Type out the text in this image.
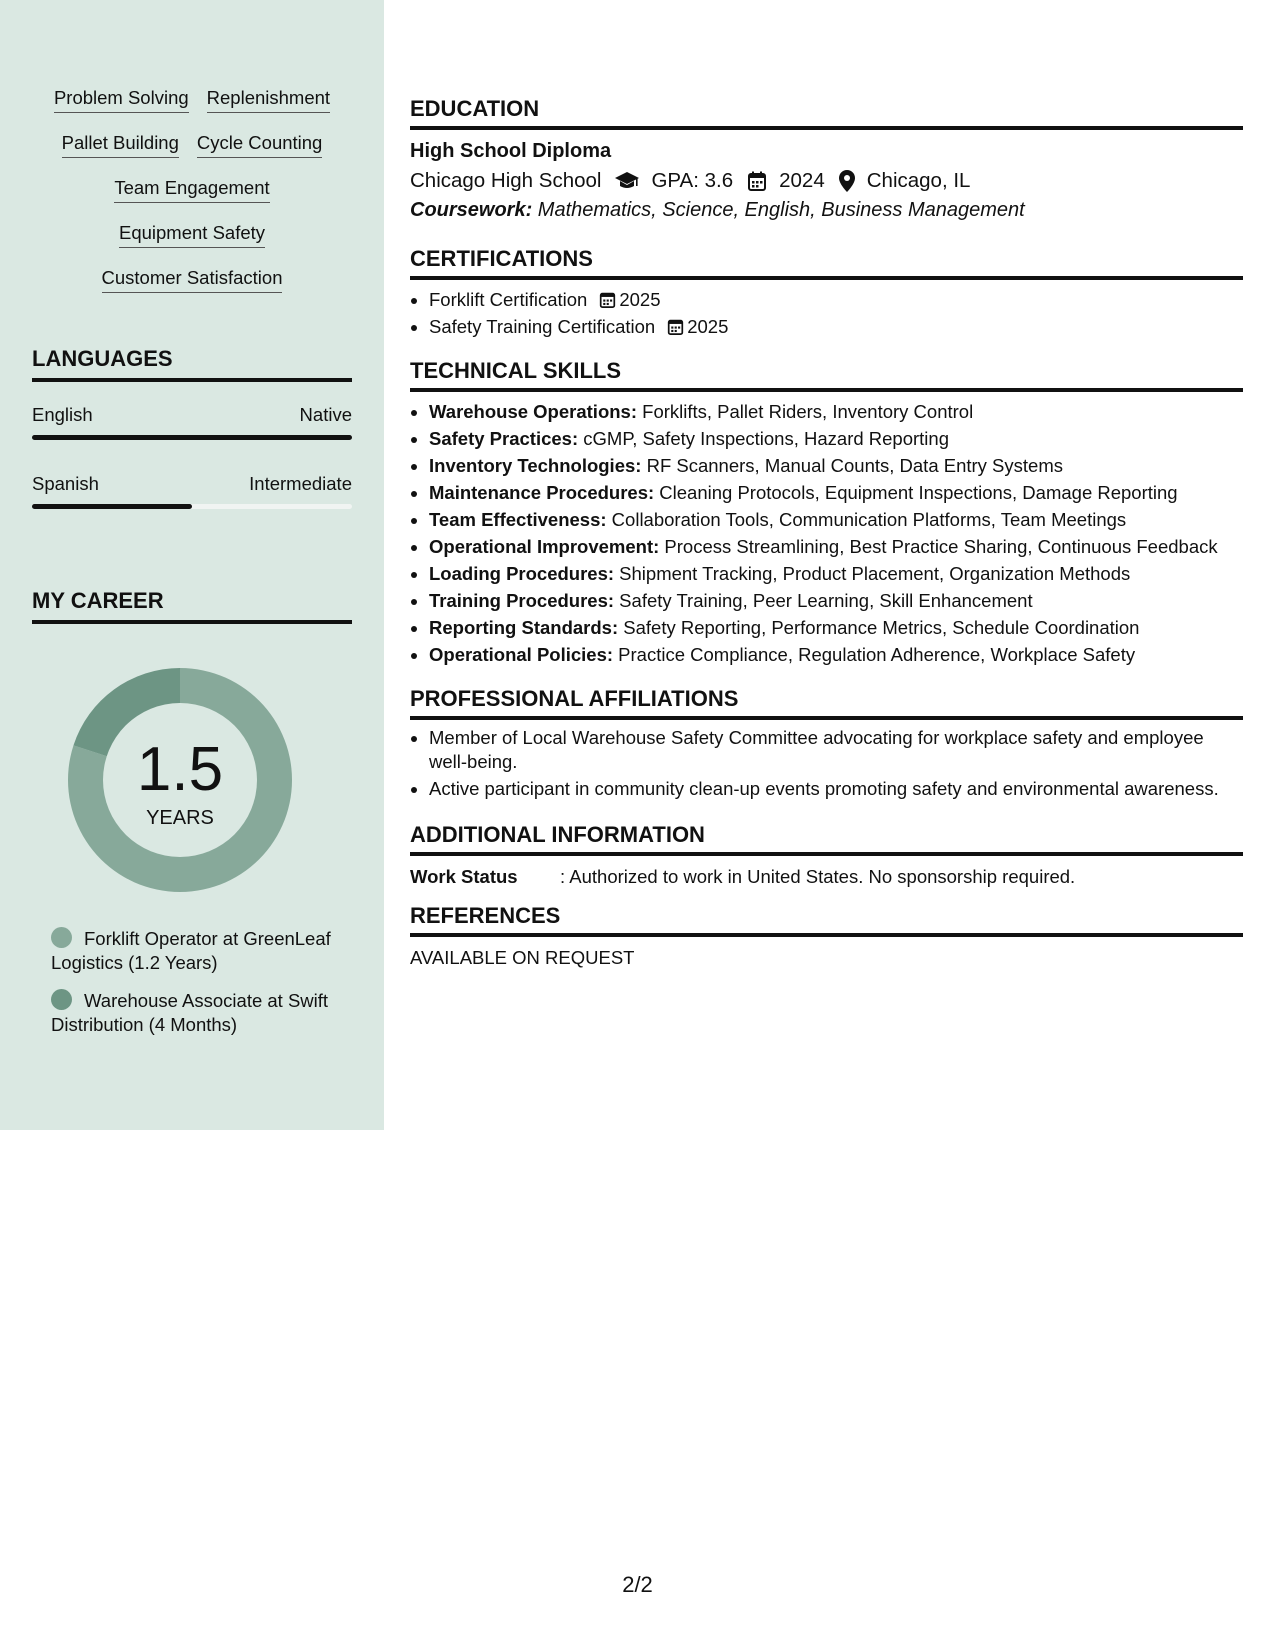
Problem Solving Replenishment
Pallet Building Cycle Counting
Team Engagement
Equipment Safety
Customer Satisfaction
LANGUAGES
English	Native
Spanish	Intermediate
MY CAREER
1.5
YEARS
Forklift Operator at GreenLeaf Logistics (1.2 Years)
Warehouse Associate at Swift Distribution (4 Months)
EDUCATION
High School Diploma
Chicago High School GPA: 3.6 2024 Chicago, IL
Coursework: Mathematics, Science, English, Business Management
CERTIFICATIONS
• Forklift Certification 2025
• Safety Training Certification 2025
TECHNICAL SKILLS
• Warehouse Operations: Forklifts, Pallet Riders, Inventory Control
• Safety Practices: cGMP, Safety Inspections, Hazard Reporting
• Inventory Technologies: RF Scanners, Manual Counts, Data Entry Systems
• Maintenance Procedures: Cleaning Protocols, Equipment Inspections, Damage Reporting
• Team Effectiveness: Collaboration Tools, Communication Platforms, Team Meetings
• Operational Improvement: Process Streamlining, Best Practice Sharing, Continuous Feedback
• Loading Procedures: Shipment Tracking, Product Placement, Organization Methods
• Training Procedures: Safety Training, Peer Learning, Skill Enhancement
• Reporting Standards: Safety Reporting, Performance Metrics, Schedule Coordination
• Operational Policies: Practice Compliance, Regulation Adherence, Workplace Safety
PROFESSIONAL AFFILIATIONS
• Member of Local Warehouse Safety Committee advocating for workplace safety and employee well-being.
• Active participant in community clean-up events promoting safety and environmental awareness.
ADDITIONAL INFORMATION
Work Status	: Authorized to work in United States. No sponsorship required.
REFERENCES
AVAILABLE ON REQUEST
2/2
